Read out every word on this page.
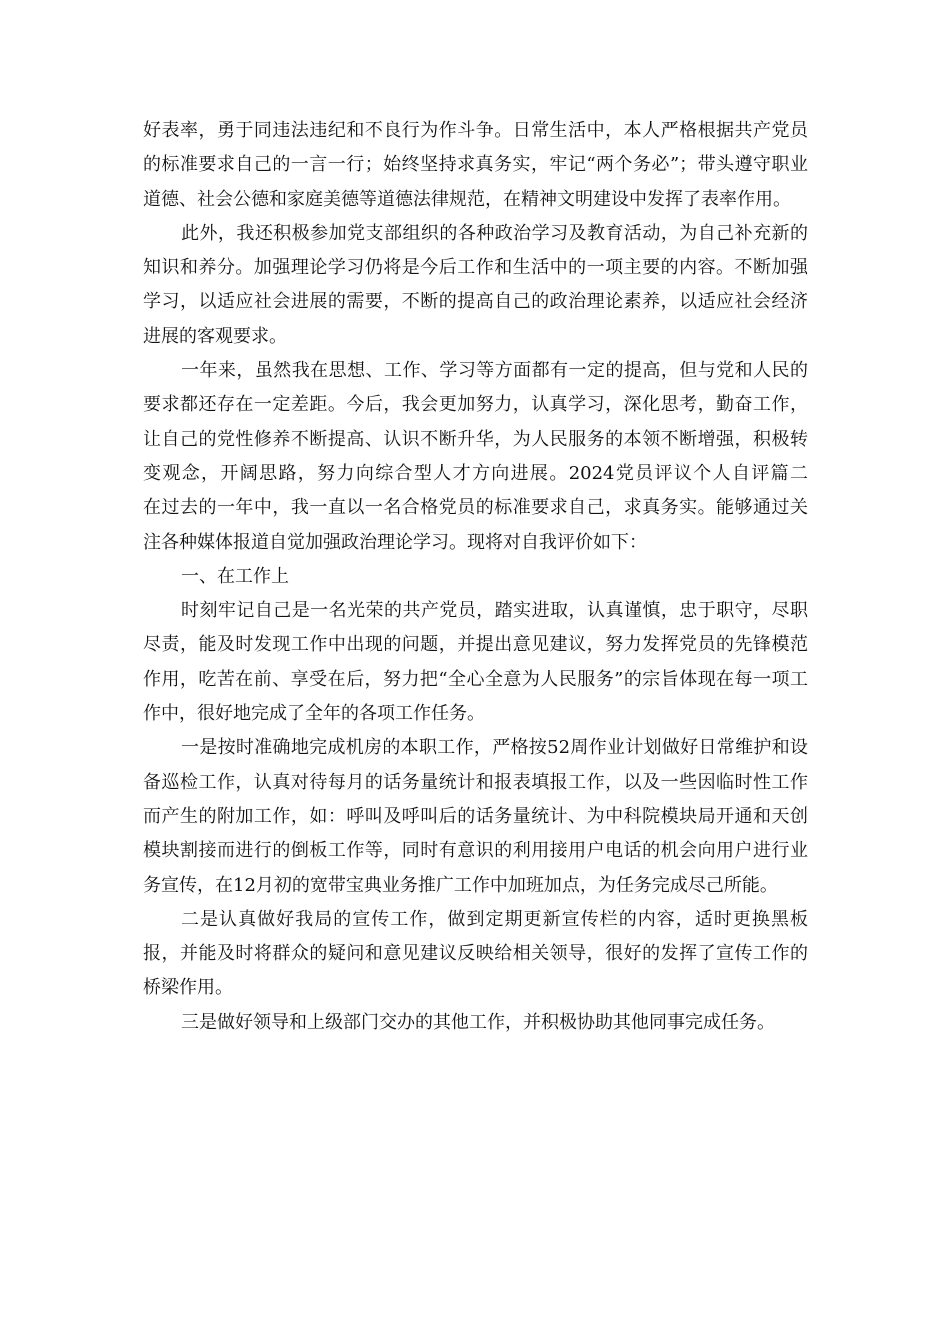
好表率，勇于同违法违纪和不良行为作斗争。日常生活中，本人严格根据共产党员的标准要求自己的一言一行；始终坚持求真务实，牢记“两个务必”；带头遵守职业道德、社会公德和家庭美德等道德法律规范，在精神文明建设中发挥了表率作用。

此外，我还积极参加党支部组织的各种政治学习及教育活动，为自己补充新的知识和养分。加强理论学习仍将是今后工作和生活中的一项主要的内容。不断加强学习，以适应社会进展的需要，不断的提高自己的政治理论素养，以适应社会经济进展的客观要求。

一年来，虽然我在思想、工作、学习等方面都有一定的提高，但与党和人民的要求都还存在一定差距。今后，我会更加努力，认真学习，深化思考，勤奋工作，让自己的党性修养不断提高、认识不断升华，为人民服务的本领不断增强，积极转变观念，开阔思路，努力向综合型人才方向进展。2024党员评议个人自评篇二　　在过去的一年中，我一直以一名合格党员的标准要求自己，求真务实。能够通过关注各种媒体报道自觉加强政治理论学习。现将对自我评价如下：

一、在工作上

时刻牢记自己是一名光荣的共产党员，踏实进取，认真谨慎，忠于职守，尽职尽责，能及时发现工作中出现的问题，并提出意见建议，努力发挥党员的先锋模范作用，吃苦在前、享受在后，努力把“全心全意为人民服务”的宗旨体现在每一项工作中，很好地完成了全年的各项工作任务。

一是按时准确地完成机房的本职工作，严格按52周作业计划做好日常维护和设备巡检工作，认真对待每月的话务量统计和报表填报工作，以及一些因临时性工作而产生的附加工作，如：呼叫及呼叫后的话务量统计、为中科院模块局开通和天创模块割接而进行的倒板工作等，同时有意识的利用接用户电话的机会向用户进行业务宣传，在12月初的宽带宝典业务推广工作中加班加点，为任务完成尽己所能。

二是认真做好我局的宣传工作，做到定期更新宣传栏的内容，适时更换黑板报，并能及时将群众的疑问和意见建议反映给相关领导，很好的发挥了宣传工作的桥梁作用。

三是做好领导和上级部门交办的其他工作，并积极协助其他同事完成任务。
